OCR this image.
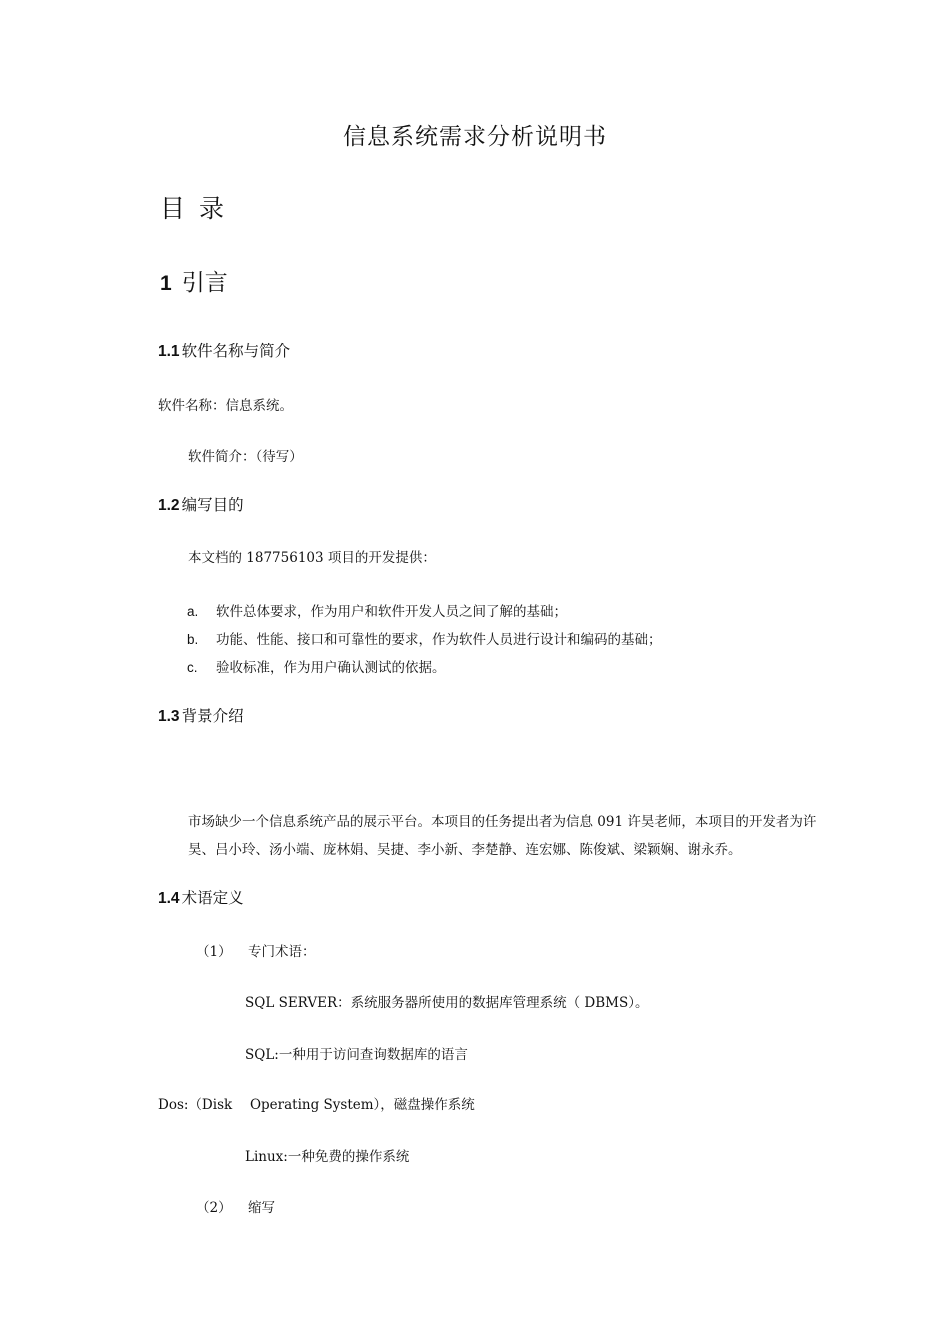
信息系统需求分析说明书
目录
1 引言
1.1 软件名称与简介
软件名称：信息系统。
软件简介：（待写）
1.2 编写目的
本文档的 187756103 项目的开发提供：
a. 软件总体要求，作为用户和软件开发人员之间了解的基础；
b. 功能、性能、接口和可靠性的要求，作为软件人员进行设计和编码的基础；
c. 验收标准，作为用户确认测试的依据。
1.3 背景介绍
市场缺少一个信息系统产品的展示平台。本项目的任务提出者为信息 091 许昊老师，本项目的开发者为许昊、吕小玲、汤小端、庞林娟、吴捷、李小新、李楚静、连宏娜、陈俊斌、梁颖娴、谢永乔。
1.4 术语定义
（1） 专门术语：
SQL SERVER：系统服务器所使用的数据库管理系统（ DBMS）。
SQL:一种用于访问查询数据库的语言
Dos:（Disk　 Operating System），磁盘操作系统
Linux:一种免费的操作系统
（2） 缩写
